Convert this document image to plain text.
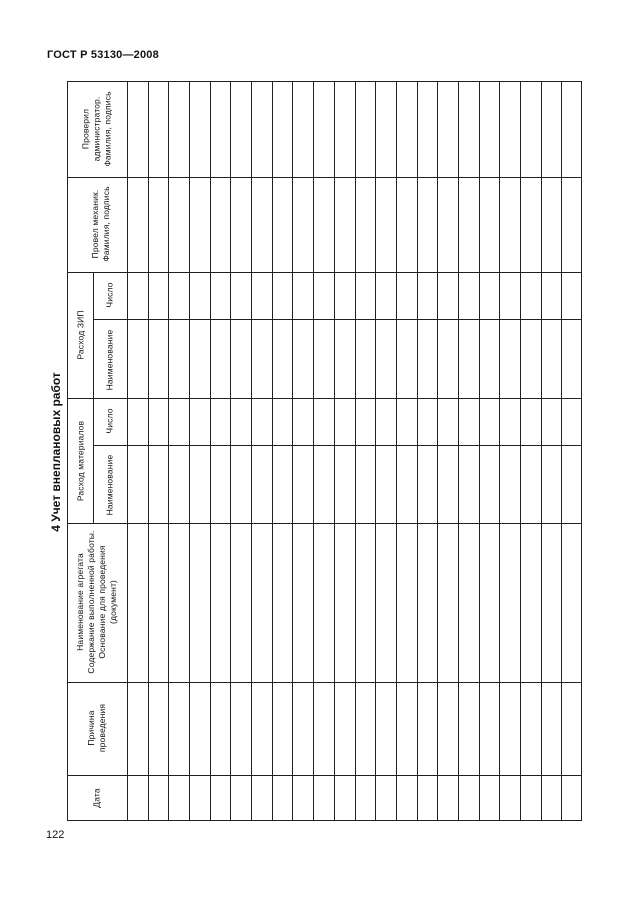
ГОСТ Р 53130—2008
4 Учет внеплановых работ
Проверил
администратор.
Фамилия, подпись
Провел механик.
Фамилия, подпись
Расход ЗИП
Число
Наименование
Расход материалов Число
Наименование
Наименование агрегата
Содержание выполненной работы.
Основание для проведения
(документ)
Причина
проведения
Дата
122
